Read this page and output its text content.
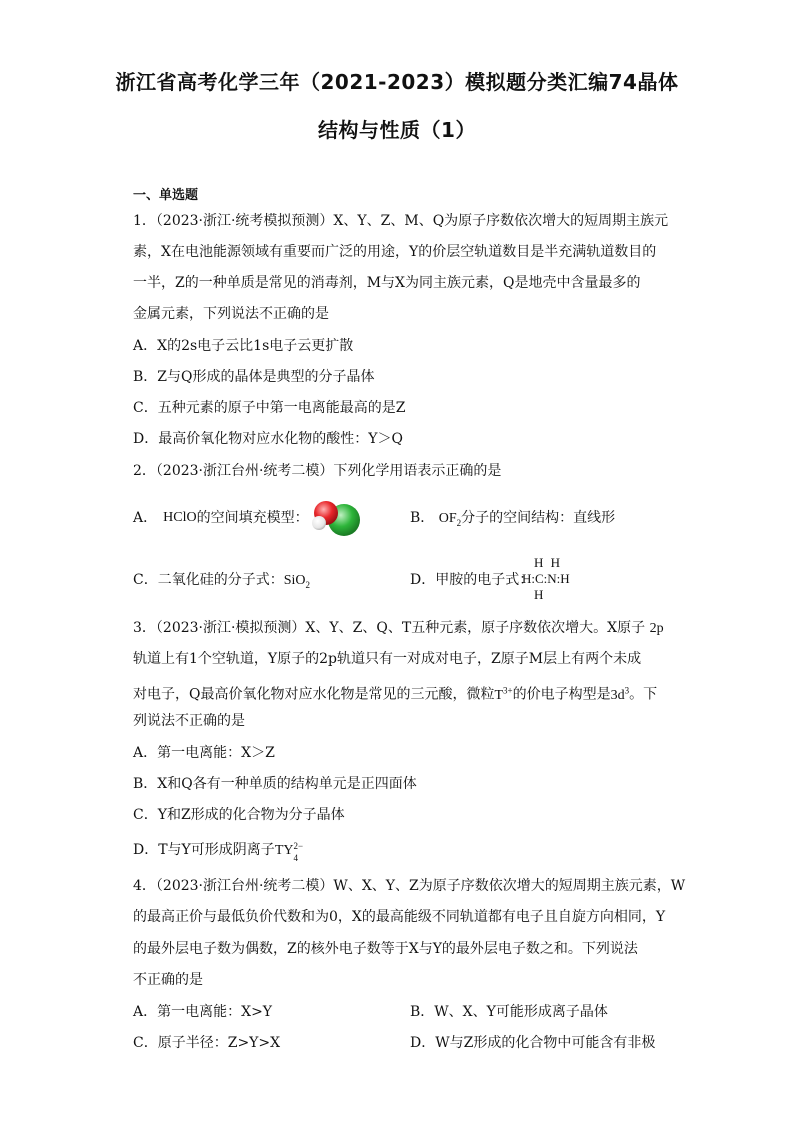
浙江省高考化学三年（2021-2023）模拟题分类汇编74晶体
结构与性质（1）
一、单选题
1．（2023·浙江·统考模拟预测）X、Y、Z、M、Q为原子序数依次增大的短周期主族元
素，X在电池能源领域有重要而广泛的用途，Y的价层空轨道数目是半充满轨道数目的
一半，Z的一种单质是常见的消毒剂，M与X为同主族元素，Q是地壳中含量最多的
金属元素，下列说法不正确的是
A．X的2s电子云比1s电子云更扩散
B．Z与Q形成的晶体是典型的分子晶体
C．五种元素的原子中第一电离能最高的是Z
D．最高价氧化物对应水化物的酸性：Y＞Q
2．（2023·浙江台州·统考二模）下列化学用语表示正确的是
A． HClO 的空间填充模型：	B． $OF_2$分子的空间结构：直线形
C．二氧化硅的分子式：SiO$_2$	D．甲胺的电子式：
H H
H:C:N:H
H
3．（2023·浙江·模拟预测）X、Y、Z、Q、T五种元素，原子序数依次增大。X原子 2p
轨道上有1个空轨道，Y原子的2p轨道只有一对成对电子，Z原子M层上有两个未成
对电子，Q最高价氧化物对应水化物是常见的三元酸，微粒$T^{3+}$的价电子构型是$3d^3$。下
列说法不正确的是
A．第一电离能：X＞Z
B．X和Q各有一种单质的结构单元是正四面体
C．Y和Z形成的化合物为分子晶体
D．T与Y可形成阴离子TY 2−
4
4．（2023·浙江台州·统考二模）W、X、Y、Z为原子序数依次增大的短周期主族元素，W
的最高正价与最低负价代数和为0，X的最高能级不同轨道都有电子且自旋方向相同，Y
的最外层电子数为偶数，Z的核外电子数等于X与Y的最外层电子数之和。下列说法
不正确的是
A．第一电离能：X>Y	B．W、X、Y可能形成离子晶体
C．原子半径：Z>Y>X	D．W与Z形成的化合物中可能含有非极
